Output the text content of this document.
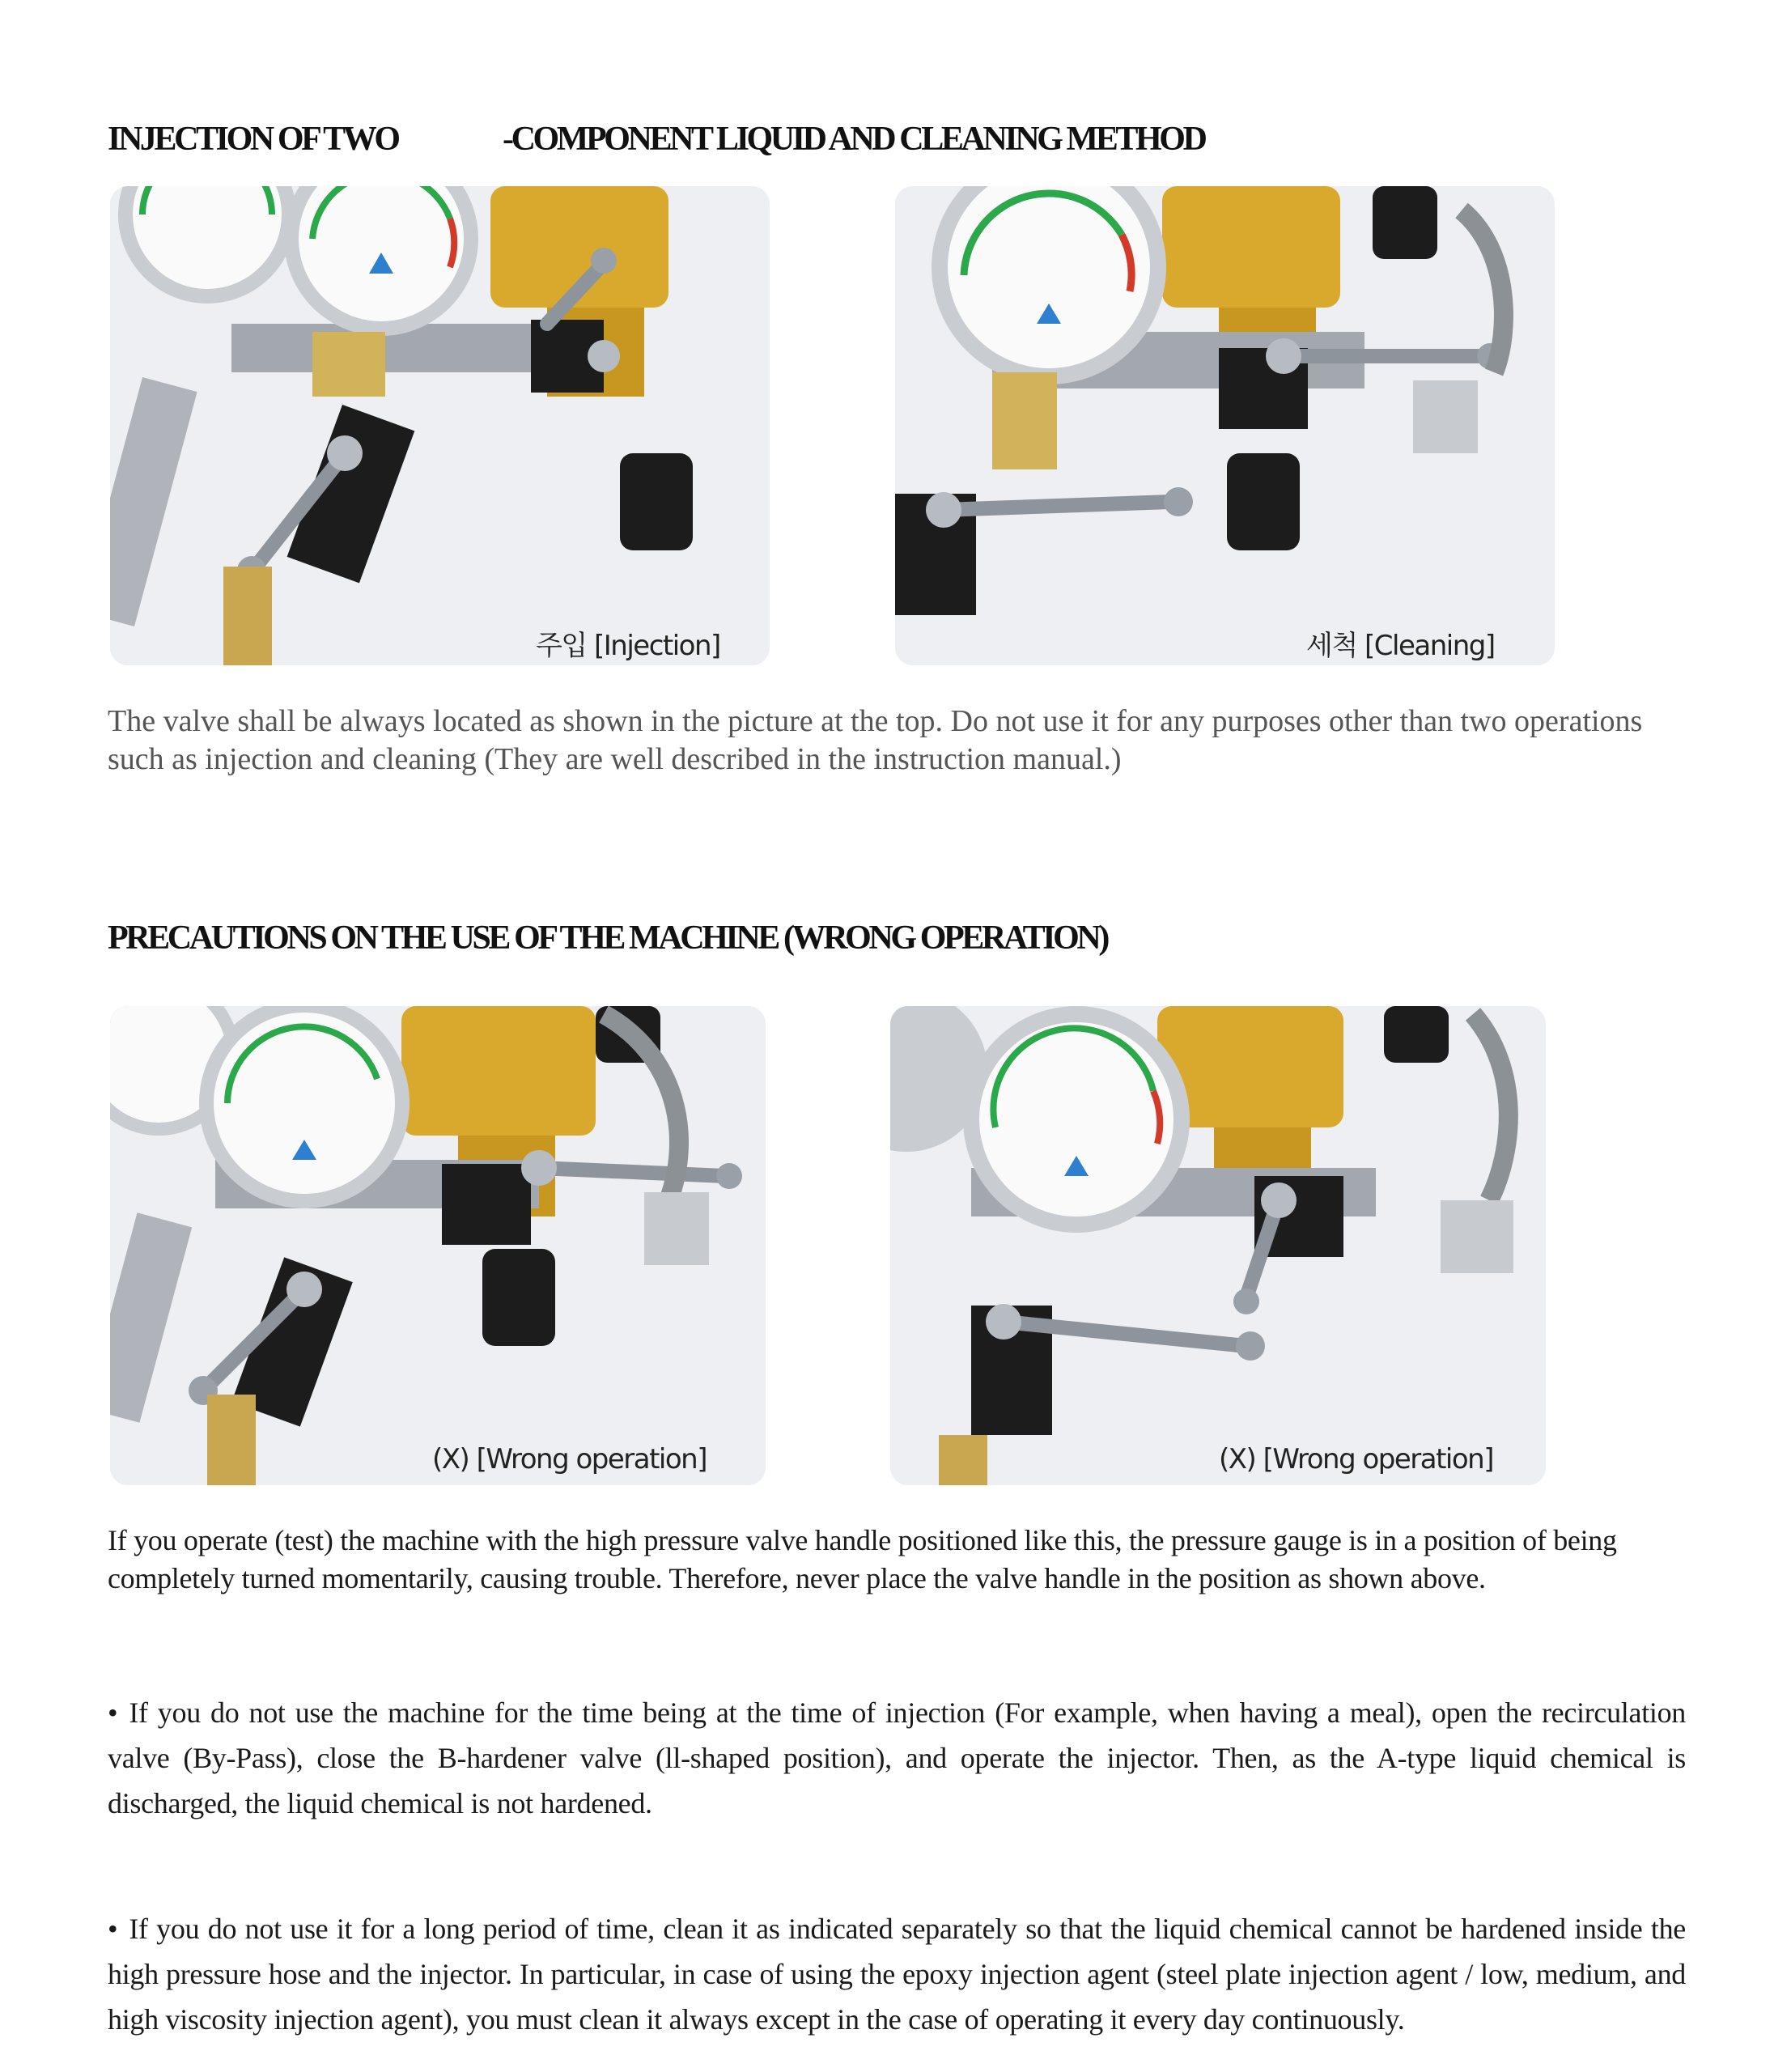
INJECTION OF TWO	-COMPONENT LIQUID AND CLEANING METHOD
주입 [Injection]	세척 [Cleaning]

The valve shall be always located as shown in the picture at the top. Do not use it for any purposes other than two operations such as injection and cleaning (They are well described in the instruction manual.)

PRECAUTIONS ON THE USE OF THE MACHINE (WRONG OPERATION)
(X) [Wrong operation]	(X) [Wrong operation]

If you operate (test) the machine with the high pressure valve handle positioned like this, the pressure gauge is in a position of being completely turned momentarily, causing trouble. Therefore, never place the valve handle in the position as shown above.

• If you do not use the machine for the time being at the time of injection (For example, when having a meal), open the recirculation valve (By-Pass), close the B-hardener valve (ll-shaped position), and operate the injector. Then, as the A-type liquid chemical is discharged, the liquid chemical is not hardened.

• If you do not use it for a long period of time, clean it as indicated separately so that the liquid chemical cannot be hardened inside the high pressure hose and the injector. In particular, in case of using the epoxy injection agent (steel plate injection agent / low, medium, and high viscosity injection agent), you must clean it always except in the case of operating it every day continuously.
